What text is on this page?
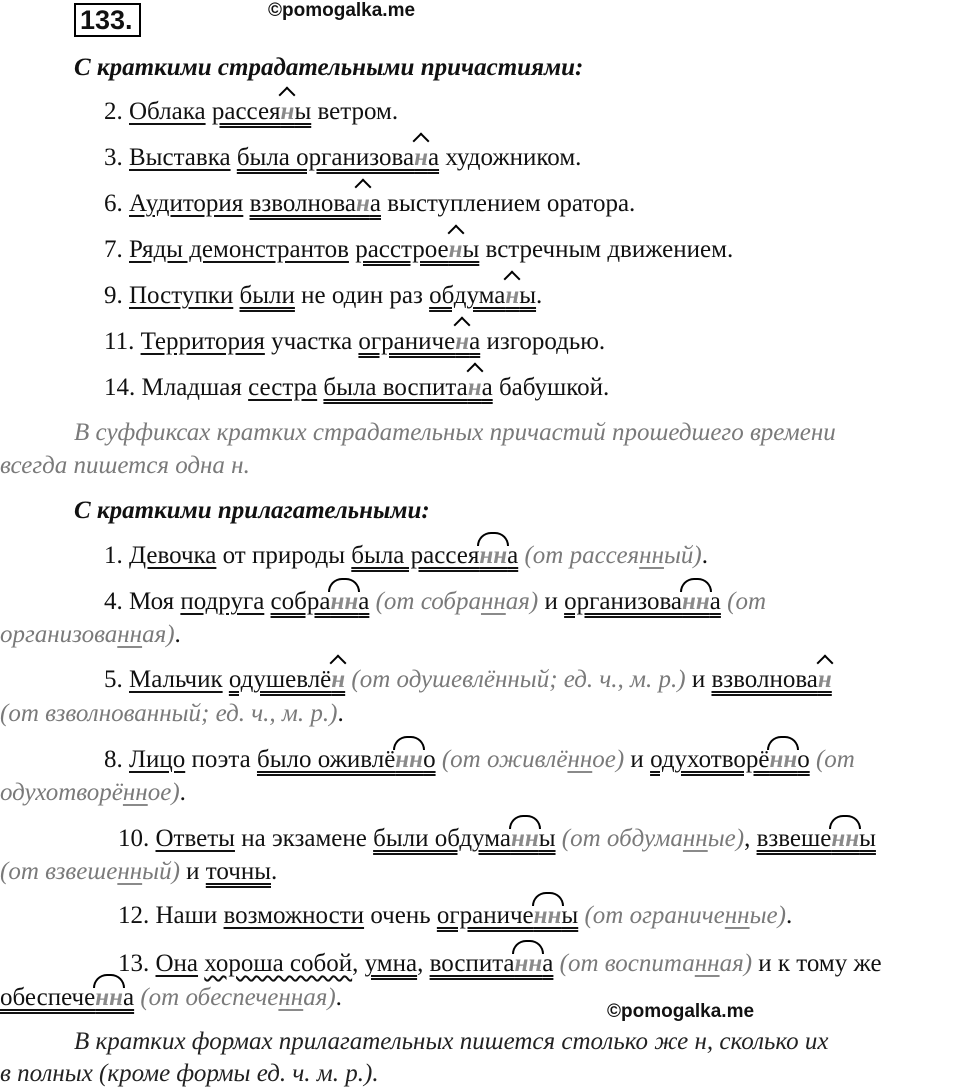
133.	©pomogalka.me
С краткими страдательными причастиями:
2. Облака рассеяны ветром.
3. Выставка была организована художником.
6. Аудитория взволнована выступлением оратора.
7. Ряды демонстрантов расстроены встречным движением.
9. Поступки были не один раз обдуманы.
11. Территория участка ограничена изгородью.
14. Младшая сестра была воспитана бабушкой.
В суффиксах кратких страдательных причастий прошедшего времени
всегда пишется одна н.
С краткими прилагательными:
1. Девочка от природы была рассеянна (от рассеянный).
4. Моя подруга собранна (от собранная) и организованна (от
организованная).
5. Мальчик одушевлён (от одушевлённый; ед. ч., м. р.) и взволнован
(от взволнованный; ед. ч., м. р.).
8. Лицо поэта было оживлённо (от оживлённое) и одухотворённо (от
одухотворённое).
10. Ответы на экзамене были обдуманны (от обдуманные), взвешенны
(от взвешенный) и точны.
12. Наши возможности очень ограниченны (от ограниченные).
13. Она хороша собой, умна, воспитанна (от воспитанная) и к тому же
обеспеченна (от обеспеченная).
©pomogalka.me
В кратких формах прилагательных пишется столько же н, сколько их
в полных (кроме формы ед. ч. м. р.).
